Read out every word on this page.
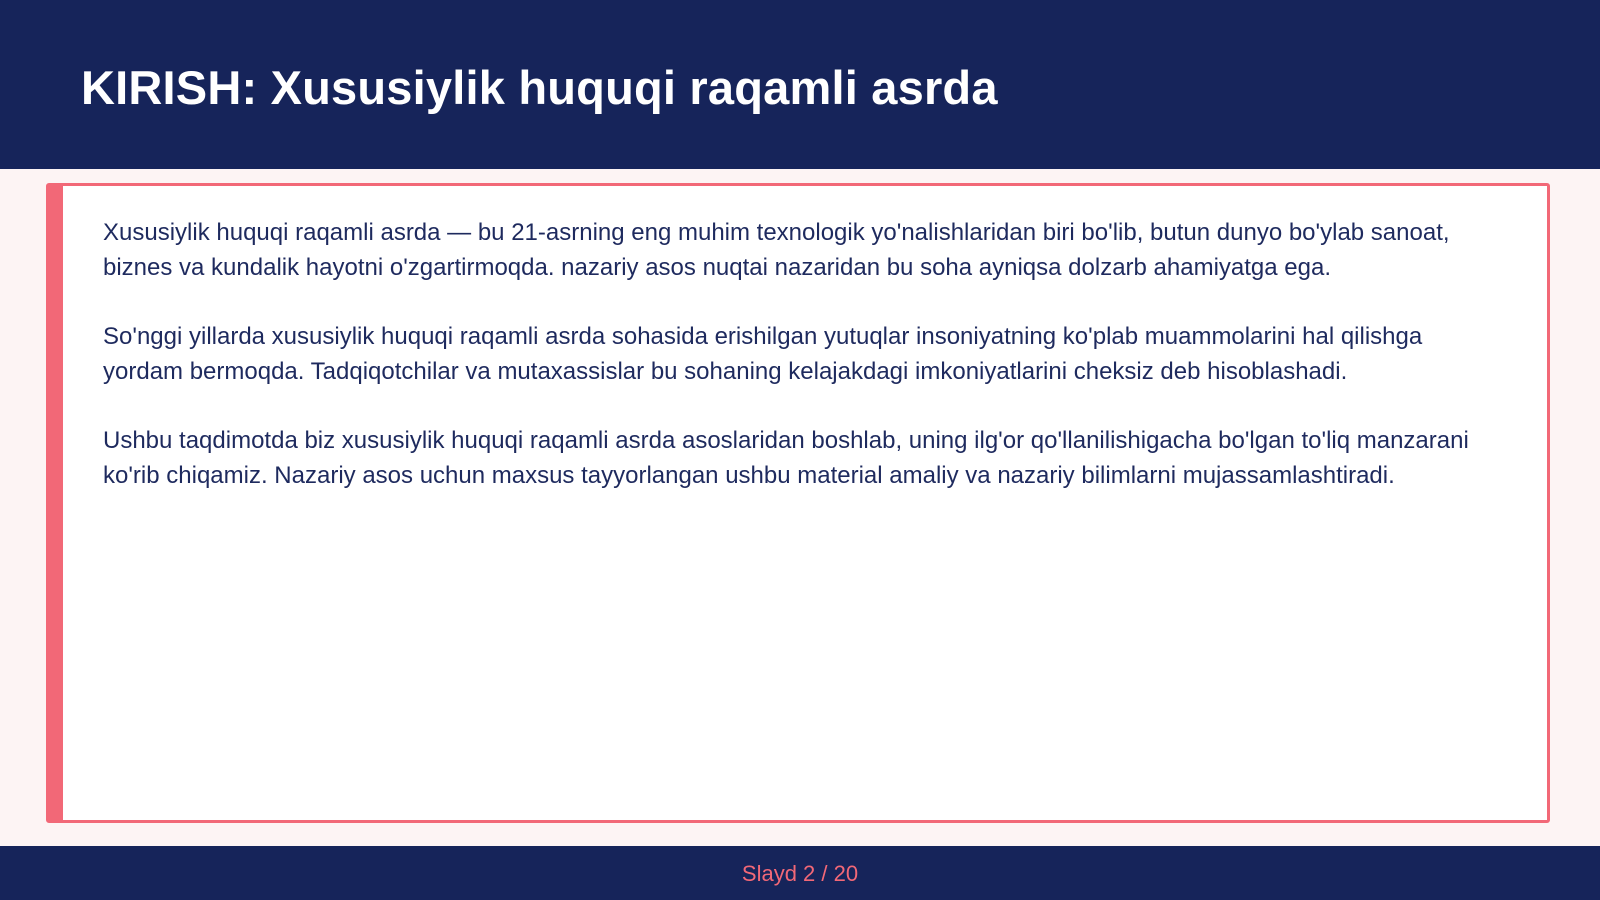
KIRISH: Xususiylik huquqi raqamli asrda

Xususiylik huquqi raqamli asrda — bu 21-asrning eng muhim texnologik yo'nalishlaridan biri bo'lib, butun dunyo bo'ylab sanoat, biznes va kundalik hayotni o'zgartirmoqda. nazariy asos nuqtai nazaridan bu soha ayniqsa dolzarb ahamiyatga ega.

So'nggi yillarda xususiylik huquqi raqamli asrda sohasida erishilgan yutuqlar insoniyatning ko'plab muammolarini hal qilishga yordam bermoqda. Tadqiqotchilar va mutaxassislar bu sohaning kelajakdagi imkoniyatlarini cheksiz deb hisoblashadi.

Ushbu taqdimotda biz xususiylik huquqi raqamli asrda asoslaridan boshlab, uning ilg'or qo'llanilishigacha bo'lgan to'liq manzarani ko'rib chiqamiz. Nazariy asos uchun maxsus tayyorlangan ushbu material amaliy va nazariy bilimlarni mujassamlashtiradi.

Slayd 2 / 20
